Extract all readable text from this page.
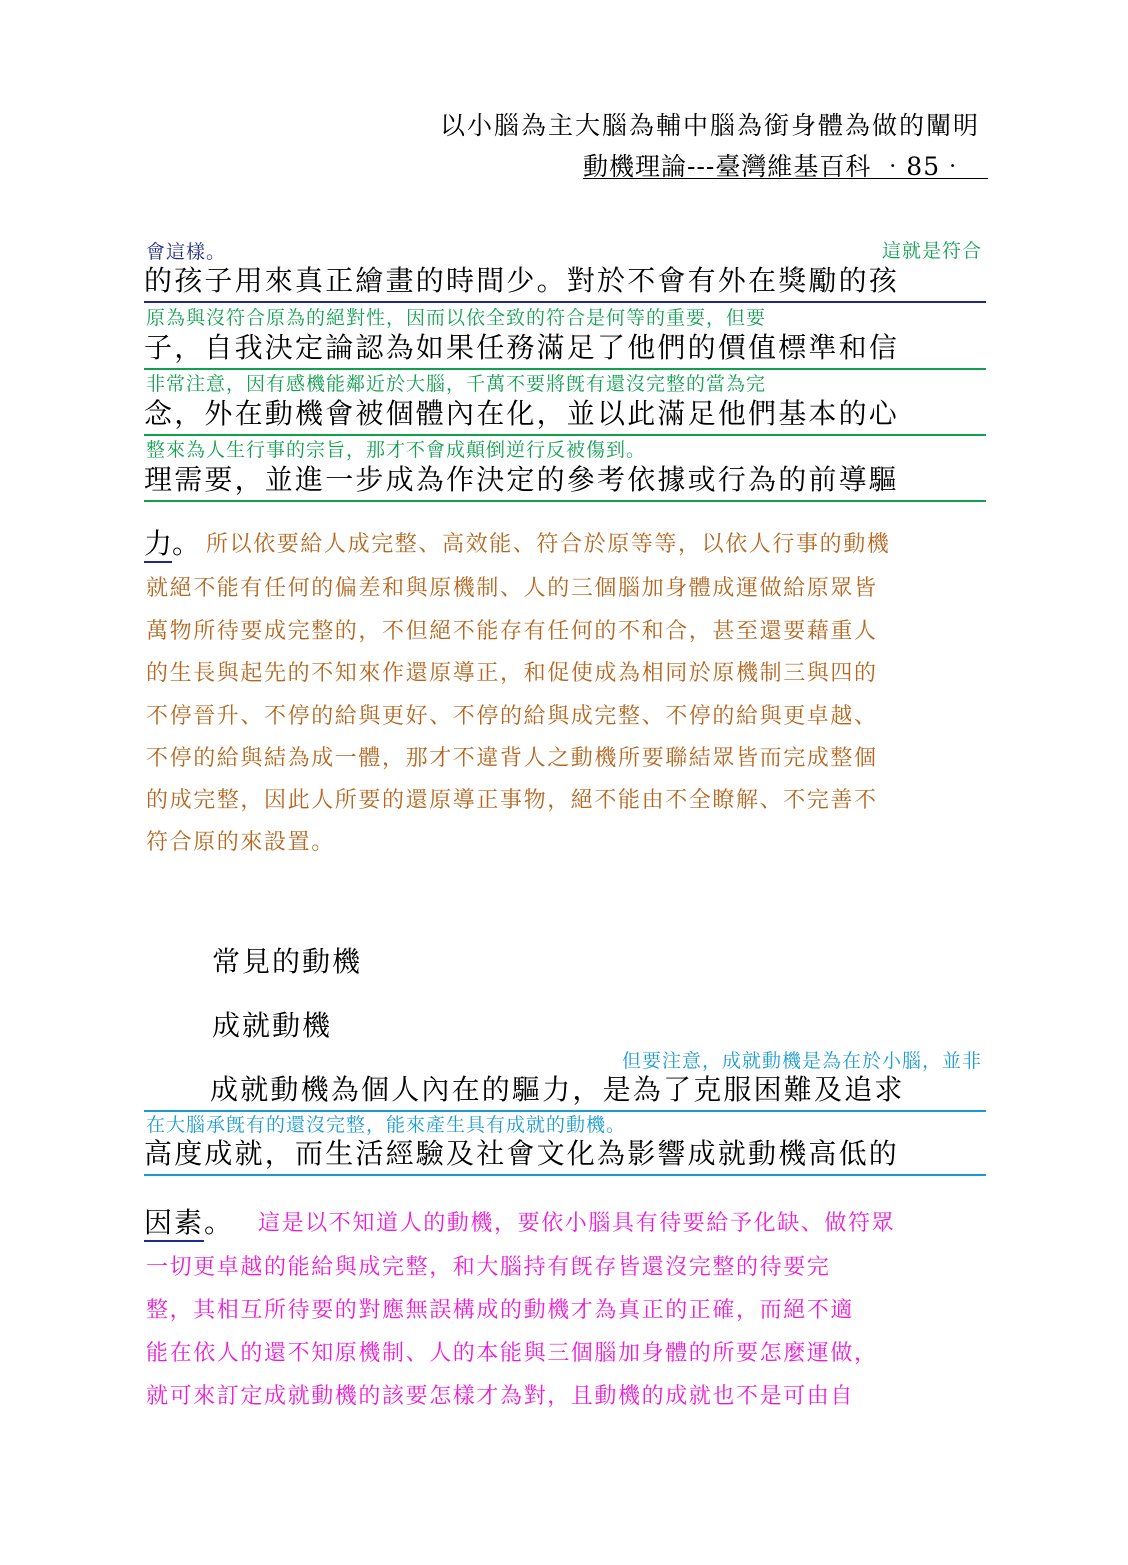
以小腦為主大腦為輔中腦為銜身體為做的闡明
動機理論---臺灣維基百科 ‧85‧
會這樣。	這就是符合
的孩子用來真正繪畫的時間少。對於不會有外在獎勵的孩
原為與沒符合原為的絕對性，因而以依全致的符合是何等的重要，但要
子，自我決定論認為如果任務滿足了他們的價值標準和信
非常注意，因有感機能鄰近於大腦，千萬不要將旣有還沒完整的當為完
念，外在動機會被個體內在化，並以此滿足他們基本的心
整來為人生行事的宗旨，那才不會成顛倒逆行反被傷到。
理需要，並進一步成為作決定的參考依據或行為的前導驅
力。 所以依要給人成完整、高效能、符合於原等等，以依人行事的動機
就絕不能有任何的偏差和與原機制、人的三個腦加身體成運做給原眾皆
萬物所待要成完整的，不但絕不能存有任何的不和合，甚至還要藉重人
的生長與起先的不知來作還原導正，和促使成為相同於原機制三與四的
不停晉升、不停的給與更好、不停的給與成完整、不停的給與更卓越、
不停的給與結為成一體，那才不違背人之動機所要聯結眾皆而完成整個
的成完整，因此人所要的還原導正事物，絕不能由不全瞭解、不完善不
符合原的來設置。
常見的動機
成就動機
但要注意，成就動機是為在於小腦，並非
成就動機為個人內在的驅力，是為了克服困難及追求
在大腦承旣有的還沒完整，能來產生具有成就的動機。
高度成就，而生活經驗及社會文化為影響成就動機高低的
因素。 這是以不知道人的動機，要依小腦具有待要給予化缺、做符眾
一切更卓越的能給與成完整，和大腦持有旣存皆還沒完整的待要完
整，其相互所待要的對應無誤構成的動機才為真正的正確，而絕不適
能在依人的還不知原機制、人的本能與三個腦加身體的所要怎麼運做，
就可來訂定成就動機的該要怎樣才為對，且動機的成就也不是可由自
